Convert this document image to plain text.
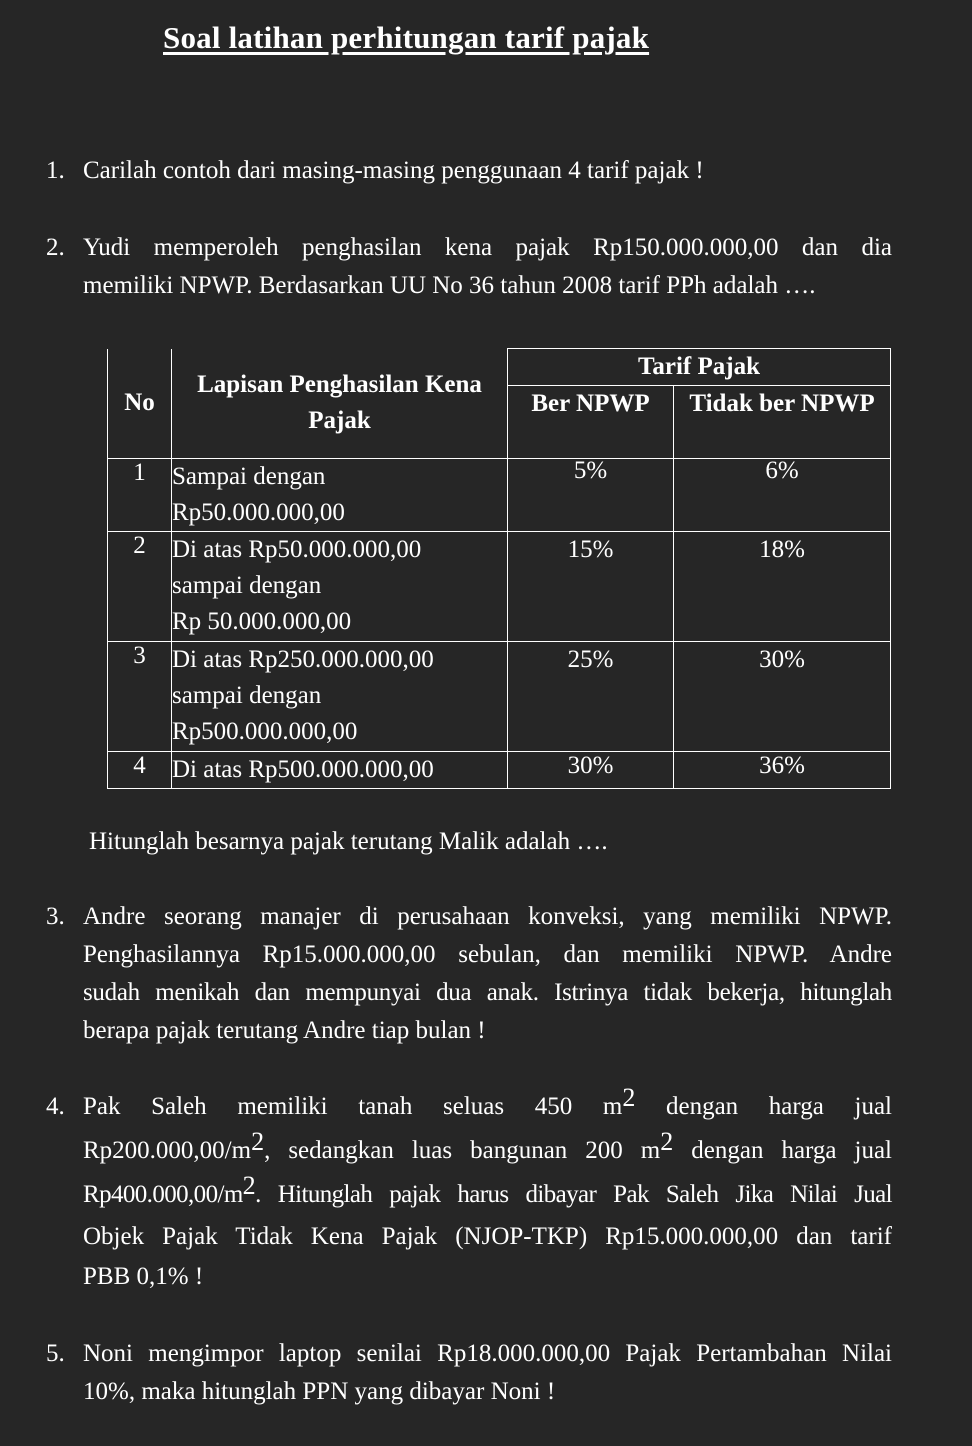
Soal latihan perhitungan tarif pajak
1. Carilah contoh dari masing-masing penggunaan 4 tarif pajak !
2. Yudi memperoleh penghasilan kena pajak Rp150.000.000,00 dan dia
memiliki NPWP. Berdasarkan UU No 36 tahun 2008 tarif PPh adalah ….
No	Lapisan Penghasilan Kena Pajak	Tarif Pajak	
		Ber NPWP	Tidak ber NPWP
1	Sampai dengan
Rp50.000.000,00	5%	6%
2	Di atas Rp50.000.000,00
sampai dengan
Rp 50.000.000,00	15%	18%
3	Di atas Rp250.000.000,00
sampai dengan
Rp500.000.000,00	25%	30%
4	Di atas Rp500.000.000,00	30%	36%
Hitunglah besarnya pajak terutang Malik adalah ….
3. Andre seorang manajer di perusahaan konveksi, yang memiliki NPWP.
Penghasilannya Rp15.000.000,00 sebulan, dan memiliki NPWP. Andre
sudah menikah dan mempunyai dua anak. Istrinya tidak bekerja, hitunglah
berapa pajak terutang Andre tiap bulan !
4. Pak Saleh memiliki tanah seluas 450 $m^2$ dengan harga jual
$Rp200.000,00/m^2$, sedangkan luas bangunan 200 $m^2$ dengan harga jual
$Rp400.000,00/m^2$. Hitunglah pajak harus dibayar Pak Saleh Jika Nilai Jual
Objek Pajak Tidak Kena Pajak (NJOP-TKP) Rp15.000.000,00 dan tarif
PBB 0,1% !
5. Noni mengimpor laptop senilai Rp18.000.000,00 Pajak Pertambahan Nilai
10%, maka hitunglah PPN yang dibayar Noni !
